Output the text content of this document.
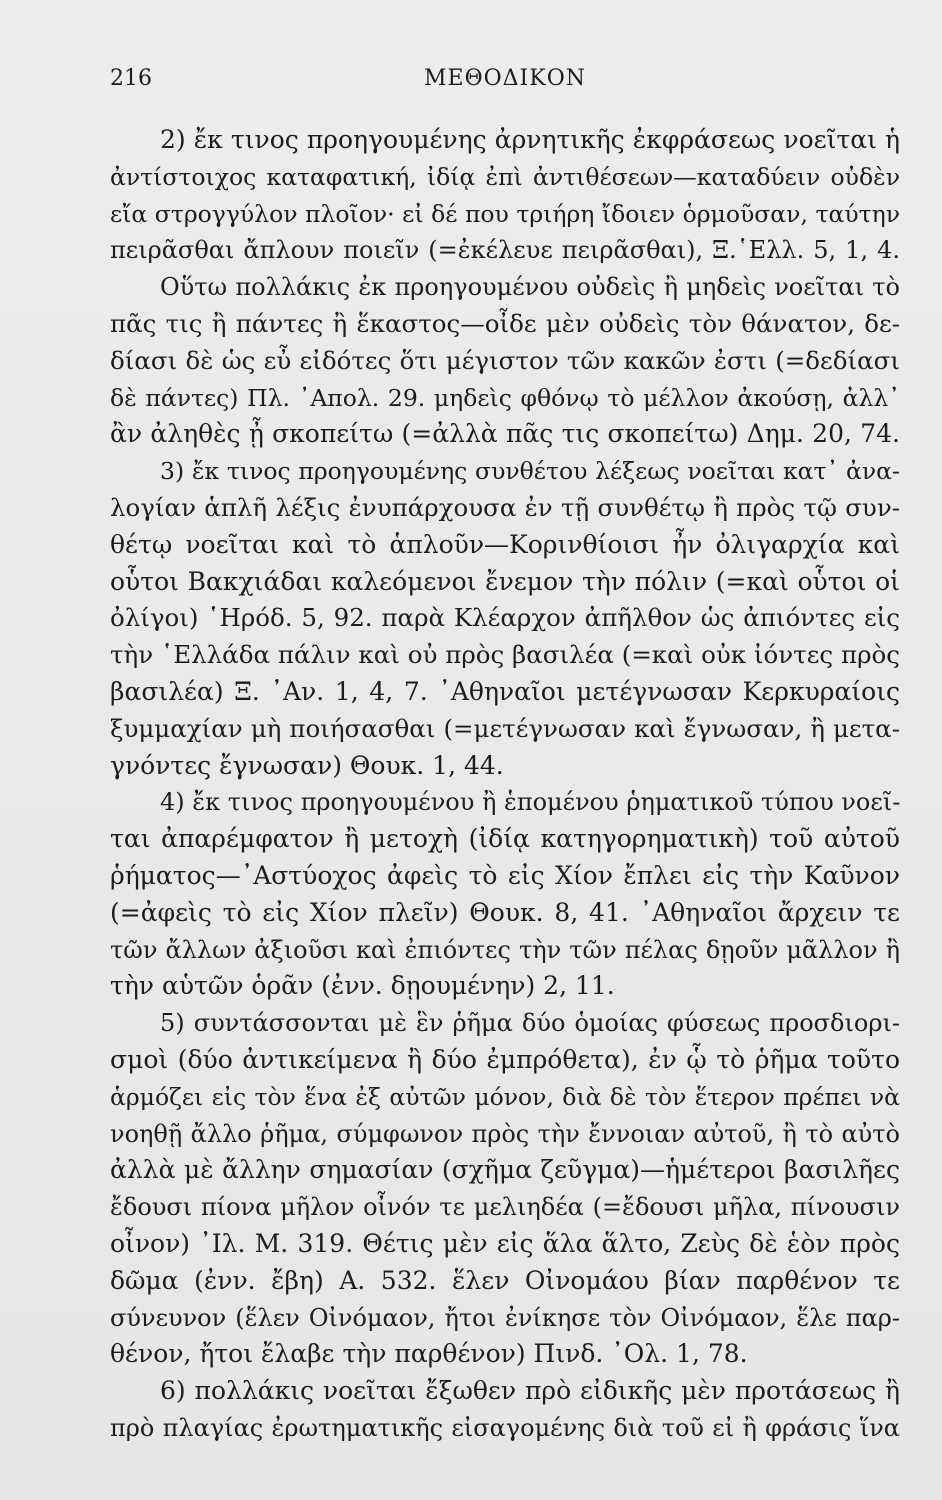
216	ΜΕΘΟΔΙΚΟΝ
2) ἔκ τινος προηγουμένης ἀρνητικῆς ἐκφράσεως νοεῖται ἡ
ἀντίστοιχος καταφατική, ἰδίᾳ ἐπὶ ἀντιθέσεων—καταδύειν οὐδὲν
εἴα στρογγύλον πλοῖον· εἰ δέ που τριήρη ἴδοιεν ὁρμοῦσαν, ταύτην
πειρᾶσθαι ἄπλουν ποιεῖν (=ἐκέλευε πειρᾶσθαι), Ξ.῾Ελλ. 5, 1, 4.
Οὕτω πολλάκις ἐκ προηγουμένου οὐδεὶς ἢ μηδεὶς νοεῖται τὸ
πᾶς τις ἢ πάντες ἢ ἕκαστος—οἶδε μὲν οὐδεὶς τὸν θάνατον, δε-
δίασι δὲ ὡς εὖ εἰδότες ὅτι μέγιστον τῶν κακῶν ἐστι (=δεδίασι
δὲ πάντες) Πλ. ᾿Απολ. 29. μηδεὶς φθόνῳ τὸ μέλλον ἀκούσῃ, ἀλλ᾿
ἂν ἀληθὲς ᾖ σκοπείτω (=ἀλλὰ πᾶς τις σκοπείτω) Δημ. 20, 74.
3) ἔκ τινος προηγουμένης συνθέτου λέξεως νοεῖται κατ᾿ ἀνα-
λογίαν ἁπλῆ λέξις ἐνυπάρχουσα ἐν τῇ συνθέτῳ ἢ πρὸς τῷ συν-
θέτῳ νοεῖται καὶ τὸ ἁπλοῦν—Κορινθίοισι ἦν ὀλιγαρχία καὶ
οὗτοι Βακχιάδαι καλεόμενοι ἔνεμον τὴν πόλιν (=καὶ οὗτοι οἱ
ὀλίγοι) ῾Ηρόδ. 5, 92. παρὰ Κλέαρχον ἀπῆλθον ὡς ἀπιόντες εἰς
τὴν ῾Ελλάδα πάλιν καὶ οὐ πρὸς βασιλέα (=καὶ οὐκ ἰόντες πρὸς
βασιλέα) Ξ. ᾿Αν. 1, 4, 7. ᾿Αθηναῖοι μετέγνωσαν Κερκυραίοις
ξυμμαχίαν μὴ ποιήσασθαι (=μετέγνωσαν καὶ ἔγνωσαν, ἢ μετα-
γνόντες ἔγνωσαν) Θουκ. 1, 44.
4) ἔκ τινος προηγουμένου ἢ ἑπομένου ῥηματικοῦ τύπου νοεῖ-
ται ἀπαρέμφατον ἢ μετοχὴ (ἰδίᾳ κατηγορηματικὴ) τοῦ αὐτοῦ
ῥήματος—᾿Αστύοχος ἀφεὶς τὸ εἰς Χίον ἔπλει εἰς τὴν Καῦνον
(=ἀφεὶς τὸ εἰς Χίον πλεῖν) Θουκ. 8, 41. ᾿Αθηναῖοι ἄρχειν τε
τῶν ἄλλων ἀξιοῦσι καὶ ἐπιόντες τὴν τῶν πέλας δῃοῦν μᾶλλον ἢ
τὴν αὑτῶν ὁρᾶν (ἐνν. δῃουμένην) 2, 11.
5) συντάσσονται μὲ ἓν ῥῆμα δύο ὁμοίας φύσεως προσδιορι-
σμοὶ (δύο ἀντικείμενα ἢ δύο ἐμπρόθετα), ἐν ᾧ τὸ ῥῆμα τοῦτο
ἁρμόζει εἰς τὸν ἕνα ἐξ αὐτῶν μόνον, διὰ δὲ τὸν ἕτερον πρέπει νὰ
νοηθῇ ἄλλο ῥῆμα, σύμφωνον πρὸς τὴν ἔννοιαν αὐτοῦ, ἢ τὸ αὐτὸ
ἀλλὰ μὲ ἄλλην σημασίαν (σχῆμα ζεῦγμα)—ἡμέτεροι βασιλῆες
ἔδουσι πίονα μῆλον οἶνόν τε μελιηδέα (=ἔδουσι μῆλα, πίνουσιν
οἶνον) ᾿Ιλ. Μ. 319. Θέτις μὲν εἰς ἅλα ἅλτο, Ζεὺς δὲ ἑὸν πρὸς
δῶμα (ἐνν. ἔβη) Α. 532. ἕλεν Οἰνομάου βίαν παρθένον τε
σύνευνον (ἕλεν Οἰνόμαον, ἤτοι ἐνίκησε τὸν Οἰνόμαον, ἕλε παρ-
θένον, ἤτοι ἔλαβε τὴν παρθένον) Πινδ. ᾿Ολ. 1, 78.
6) πολλάκις νοεῖται ἔξωθεν πρὸ εἰδικῆς μὲν προτάσεως ἢ
πρὸ πλαγίας ἐρωτηματικῆς εἰσαγομένης διὰ τοῦ εἰ ἢ φράσις ἵνα
